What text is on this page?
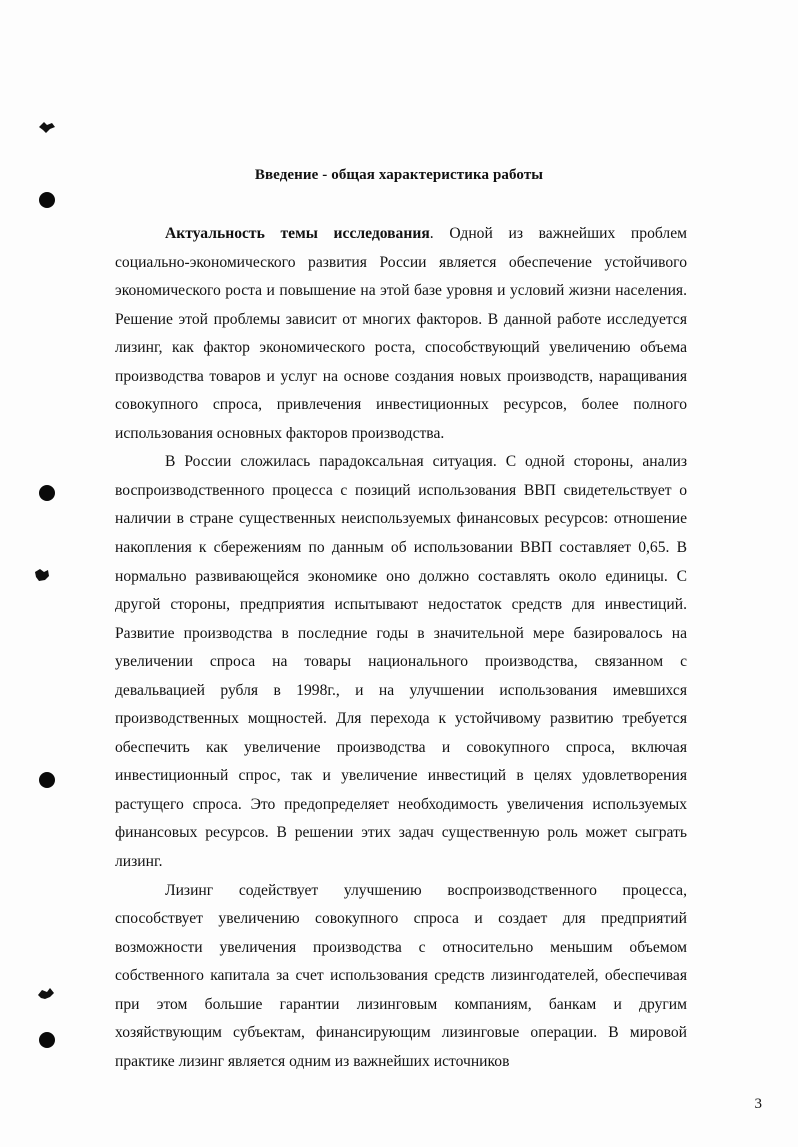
Введение - общая характеристика работы

Актуальность темы исследования. Одной из важнейших проблем социально-экономического развития России является обеспечение устойчивого экономического роста и повышение на этой базе уровня и условий жизни населения. Решение этой проблемы зависит от многих факторов. В данной работе исследуется лизинг, как фактор экономического роста, способствующий увеличению объема производства товаров и услуг на основе создания новых производств, наращивания совокупного спроса, привлечения инвестиционных ресурсов, более полного использования основных факторов производства.

В России сложилась парадоксальная ситуация. С одной стороны, анализ воспроизводственного процесса с позиций использования ВВП свидетельствует о наличии в стране существенных неиспользуемых финансовых ресурсов: отношение накопления к сбережениям по данным об использовании ВВП составляет 0,65. В нормально развивающейся экономике оно должно составлять около единицы. С другой стороны, предприятия испытывают недостаток средств для инвестиций. Развитие производства в последние годы в значительной мере базировалось на увеличении спроса на товары национального производства, связанном с девальвацией рубля в 1998г., и на улучшении использования имевшихся производственных мощностей. Для перехода к устойчивому развитию требуется обеспечить как увеличение производства и совокупного спроса, включая инвестиционный спрос, так и увеличение инвестиций в целях удовлетворения растущего спроса. Это предопределяет необходимость увеличения используемых финансовых ресурсов. В решении этих задач существенную роль может сыграть лизинг.

Лизинг содействует улучшению воспроизводственного процесса, способствует увеличению совокупного спроса и создает для предприятий возможности увеличения производства с относительно меньшим объемом собственного капитала за счет использования средств лизингодателей, обеспечивая при этом большие гарантии лизинговым компаниям, банкам и другим хозяйствующим субъектам, финансирующим лизинговые операции. В мировой практике лизинг является одним из важнейших источников

3
